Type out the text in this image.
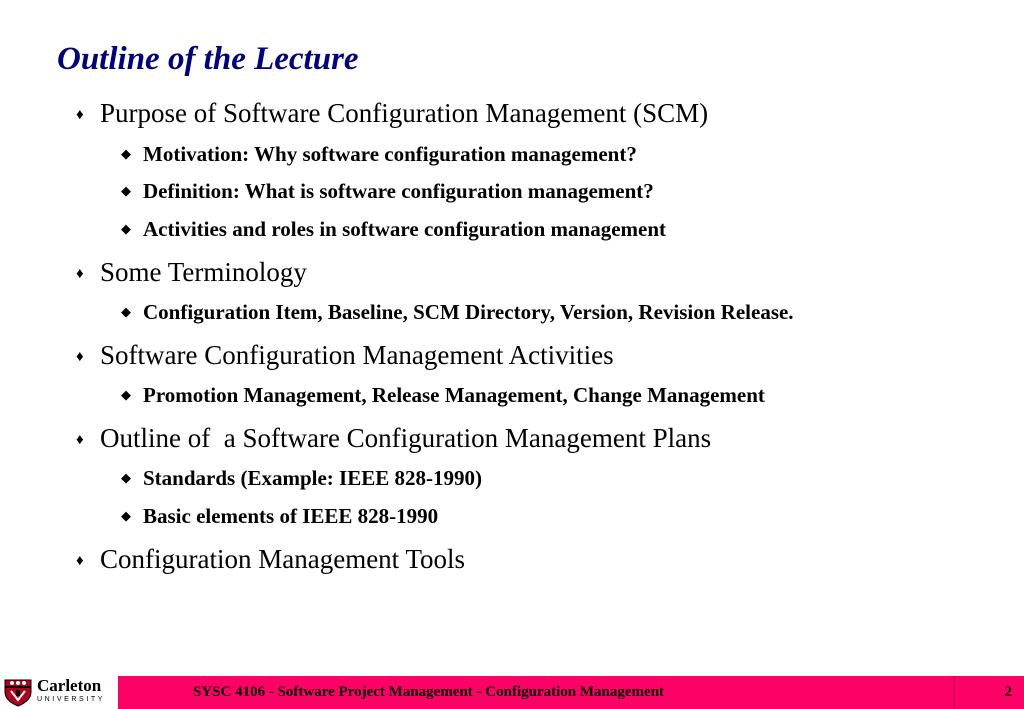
Outline of the Lecture
♦ Purpose of Software Configuration Management (SCM)
◆ Motivation: Why software configuration management?
◆ Definition: What is software configuration management?
◆ Activities and roles in software configuration management
♦ Some Terminology
◆ Configuration Item, Baseline, SCM Directory, Version, Revision Release.
♦ Software Configuration Management Activities
◆ Promotion Management, Release Management, Change Management
♦ Outline of  a Software Configuration Management Plans
◆ Standards (Example: IEEE 828-1990)
◆ Basic elements of IEEE 828-1990
♦ Configuration Management Tools
Carleton
UNIVERSITY	SYSC 4106 - Software Project Management - Configuration Management	2
